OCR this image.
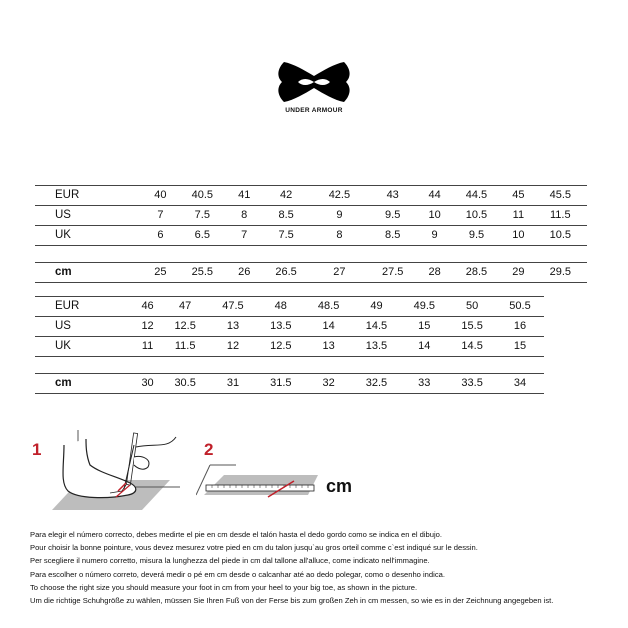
UNDER ARMOUR
EUR	40	40.5	41	42	42.5	43	44	44.5	45	45.5
US	7	7.5	8	8.5	9	9.5	10	10.5	11	11.5
UK	6	6.5	7	7.5	8	8.5	9	9.5	10	10.5

cm	25	25.5	26	26.5	27	27.5	28	28.5	29	29.5
EUR	46	47	47.5	48	48.5	49	49.5	50	50.5
US	12	12.5	13	13.5	14	14.5	15	15.5	16
UK	11	11.5	12	12.5	13	13.5	14	14.5	15

cm	30	30.5	31	31.5	32	32.5	33	33.5	34
1	2
cm
Para elegir el número correcto, debes medirte el pie en cm desde el talón hasta el dedo gordo como se indica en el dibujo.
Pour choisir la bonne pointure, vous devez mesurez votre pied en cm du talon jusqu`au gros orteil comme c`est indiqué sur le dessin.
Per scegliere il numero corretto, misura la lunghezza del piede in cm dal tallone all'alluce, come indicato nell'immagine.
Para escolher o número correto, deverá medir o pé em cm desde o calcanhar até ao dedo polegar, como o desenho indica.
To choose the right size you should measure your foot in cm from your heel to your big toe, as shown in the picture.
Um die richtige Schuhgröße zu wählen, müssen Sie Ihren Fuß von der Ferse bis zum großen Zeh in cm messen, so wie es in der Zeichnung angegeben ist.
